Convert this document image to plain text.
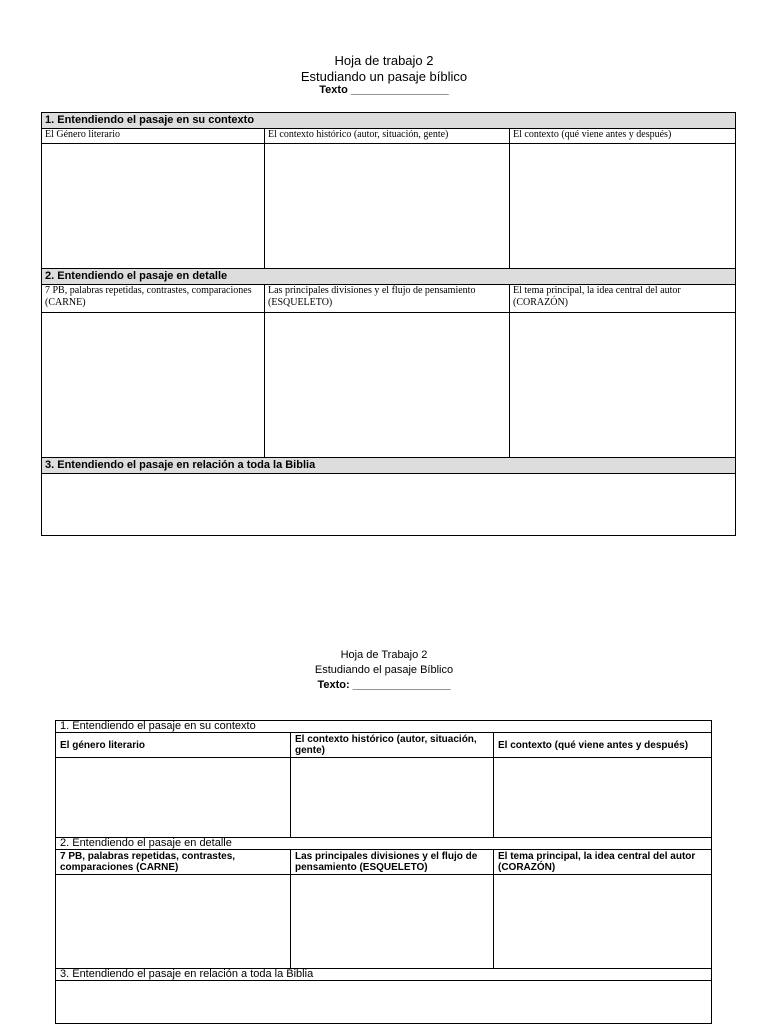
Hoja de trabajo 2
Estudiando un pasaje bíblico
Texto ________________
1. Entendiendo el pasaje en su contexto		
El Género literario	El contexto histórico (autor, situación, gente)	El contexto (qué viene antes y después)

2. Entendiendo el pasaje en detalle		
7 PB, palabras repetidas, contrastes, comparaciones (CARNE)	Las principales divisiones y el flujo de pensamiento (ESQUELETO)	El tema principal, la idea central del autor (CORAZÓN)

3. Entendiendo el pasaje en relación a toda la Biblia		

Hoja de Trabajo 2
Estudiando el pasaje Bíblico
Texto: ________________
1. Entendiendo el pasaje en su contexto		
El género literario	El contexto histórico (autor, situación, gente)	El contexto (qué viene antes y después)

2. Entendiendo el pasaje en detalle		
7 PB, palabras repetidas, contrastes, comparaciones (CARNE)	Las principales divisiones y el flujo de pensamiento (ESQUELETO)	El tema principal, la idea central del autor (CORAZÓN)

3. Entendiendo el pasaje en relación a toda la Biblia		
